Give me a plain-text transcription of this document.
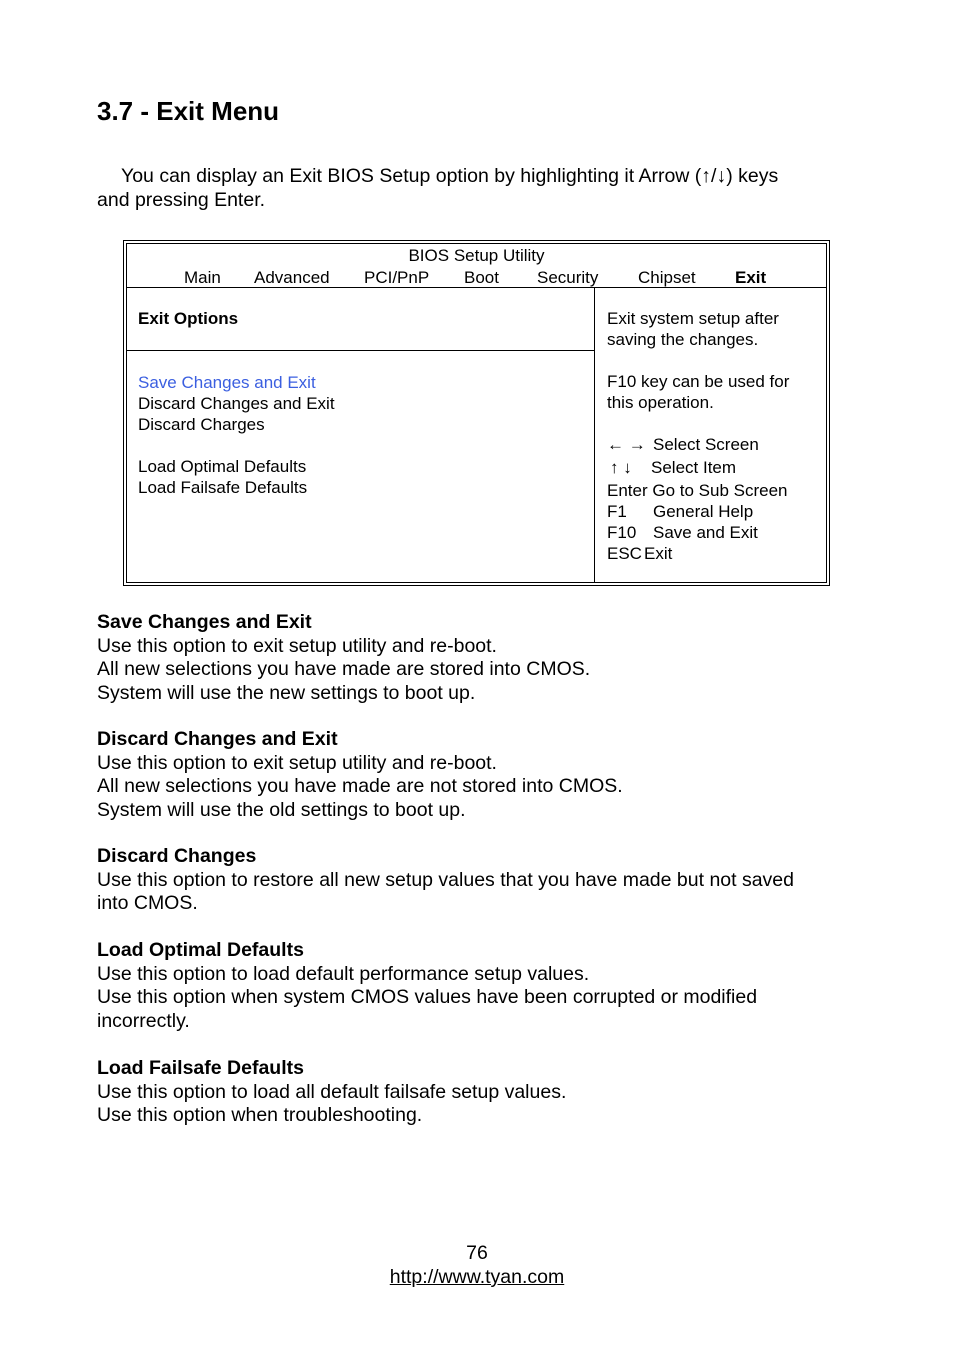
3.7 - Exit Menu

You can display an Exit BIOS Setup option by highlighting it Arrow (↑/↓) keys
and pressing Enter.

BIOS Setup Utility
Main Advanced PCI/PnP Boot Security Chipset Exit
Exit Options
Save Changes and Exit
Discard Changes and Exit
Discard Charges
Load Optimal Defaults
Load Failsafe Defaults
Exit system setup after
saving the changes.
F10 key can be used for
this operation.
← → Select Screen
↑ ↓ Select Item
Enter Go to Sub Screen
F1 General Help
F10 Save and Exit
ESC Exit
Save Changes and Exit
Use this option to exit setup utility and re-boot.
All new selections you have made are stored into CMOS.
System will use the new settings to boot up.
Discard Changes and Exit
Use this option to exit setup utility and re-boot.
All new selections you have made are not stored into CMOS.
System will use the old settings to boot up.
Discard Changes
Use this option to restore all new setup values that you have made but not saved
into CMOS.
Load Optimal Defaults
Use this option to load default performance setup values.
Use this option when system CMOS values have been corrupted or modified
incorrectly.
Load Failsafe Defaults
Use this option to load all default failsafe setup values.
Use this option when troubleshooting.
76
http://www.tyan.com
